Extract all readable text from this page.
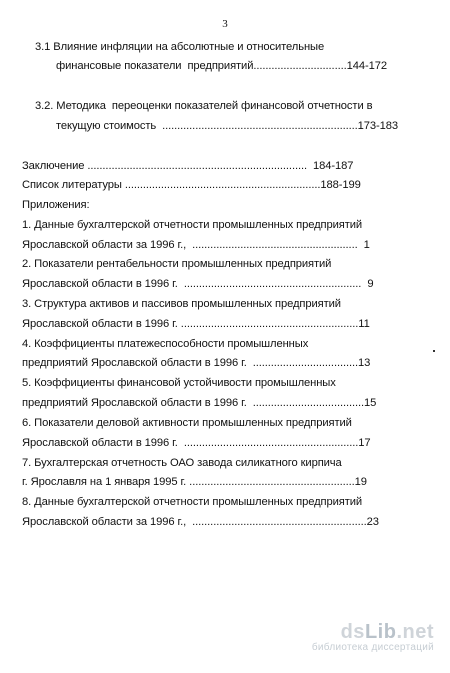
3
3.1 Влияние инфляции на абсолютные и относительные
финансовые показатели  предприятий...............................144-172
3.2. Методика  переоценки показателей финансовой отчетности в
текущую стоимость  .................................................................173-183
Заключение .........................................................................  184-187
Список литературы .................................................................188-199
Приложения:
1. Данные бухгалтерской отчетности промышленных предприятий
Ярославской области за 1996 г.,  .......................................................  1
2. Показатели рентабельности промышленных предприятий
Ярославской области в 1996 г.  ...........................................................  9
3. Структура активов и пассивов промышленных предприятий
Ярославской области в 1996 г. ...........................................................11
4. Коэффициенты платежеспособности промышленных
предприятий Ярославской области в 1996 г.  ...................................13
5. Коэффициенты финансовой устойчивости промышленных
предприятий Ярославской области в 1996 г.  .....................................15
6. Показатели деловой активности промышленных предприятий
Ярославской области в 1996 г.  ..........................................................17
7. Бухгалтерская отчетность ОАО завода силикатного кирпича
г. Ярославля на 1 января 1995 г. .......................................................19
8. Данные бухгалтерской отчетности промышленных предприятий
Ярославской области за 1996 г.,  ..........................................................23
dsLib.net
библиотека диссертаций
